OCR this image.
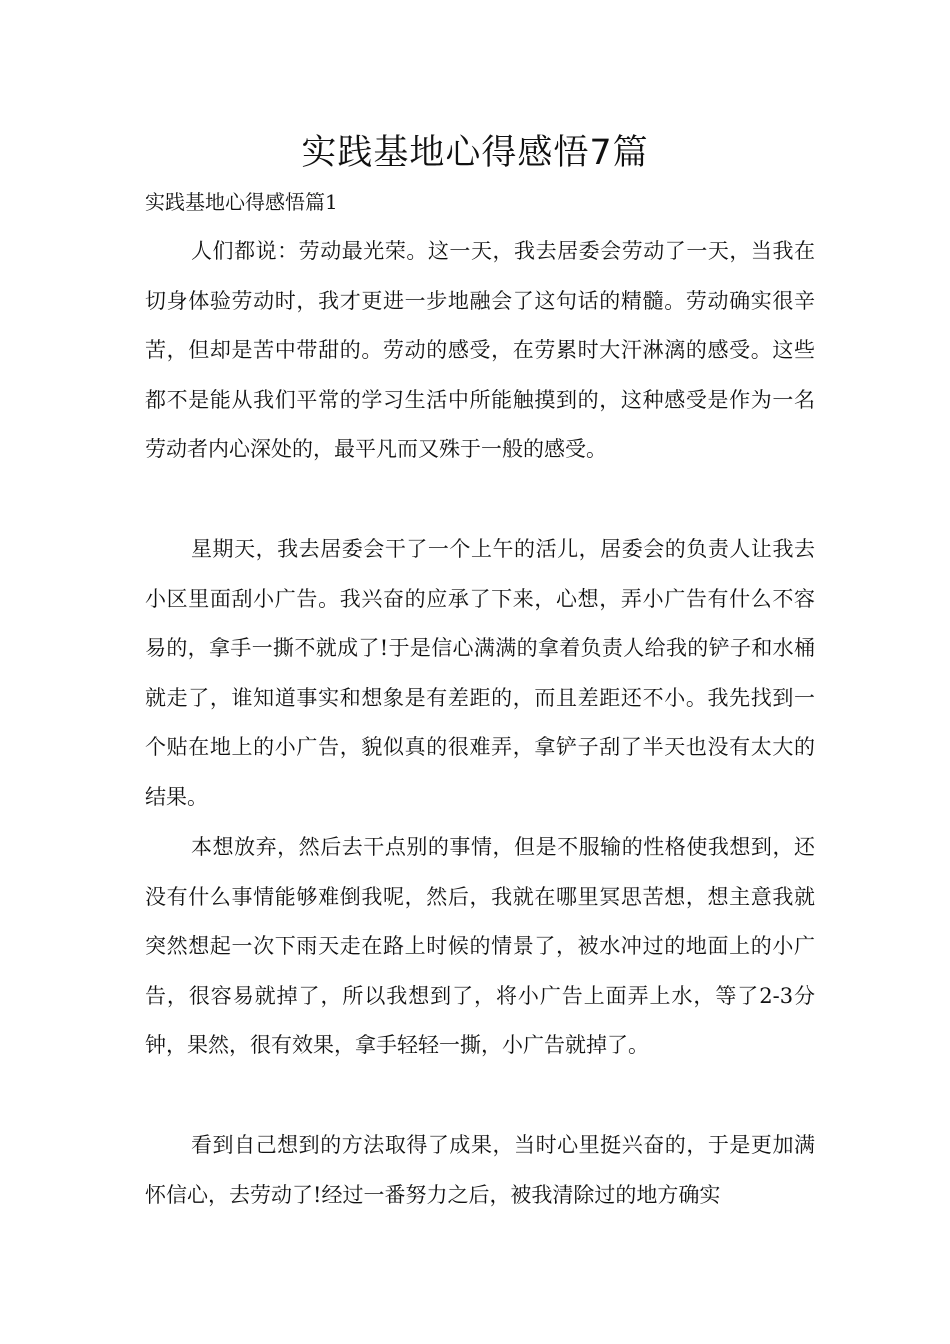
实践基地心得感悟7篇

实践基地心得感悟篇1

人们都说：劳动最光荣。这一天，我去居委会劳动了一天，当我在切身体验劳动时，我才更进一步地融会了这句话的精髓。劳动确实很辛苦，但却是苦中带甜的。劳动的感受，在劳累时大汗淋漓的感受。这些都不是能从我们平常的学习生活中所能触摸到的，这种感受是作为一名劳动者内心深处的，最平凡而又殊于一般的感受。

星期天，我去居委会干了一个上午的活儿，居委会的负责人让我去小区里面刮小广告。我兴奋的应承了下来，心想，弄小广告有什么不容易的，拿手一撕不就成了!于是信心满满的拿着负责人给我的铲子和水桶就走了，谁知道事实和想象是有差距的，而且差距还不小。我先找到一个贴在地上的小广告，貌似真的很难弄，拿铲子刮了半天也没有太大的结果。

本想放弃，然后去干点别的事情，但是不服输的性格使我想到，还没有什么事情能够难倒我呢，然后，我就在哪里冥思苦想，想主意我就突然想起一次下雨天走在路上时候的情景了，被水冲过的地面上的小广告，很容易就掉了，所以我想到了，将小广告上面弄上水，等了2-3分钟，果然，很有效果，拿手轻轻一撕，小广告就掉了。

看到自己想到的方法取得了成果，当时心里挺兴奋的，于是更加满怀信心，去劳动了!经过一番努力之后，被我清除过的地方确实
